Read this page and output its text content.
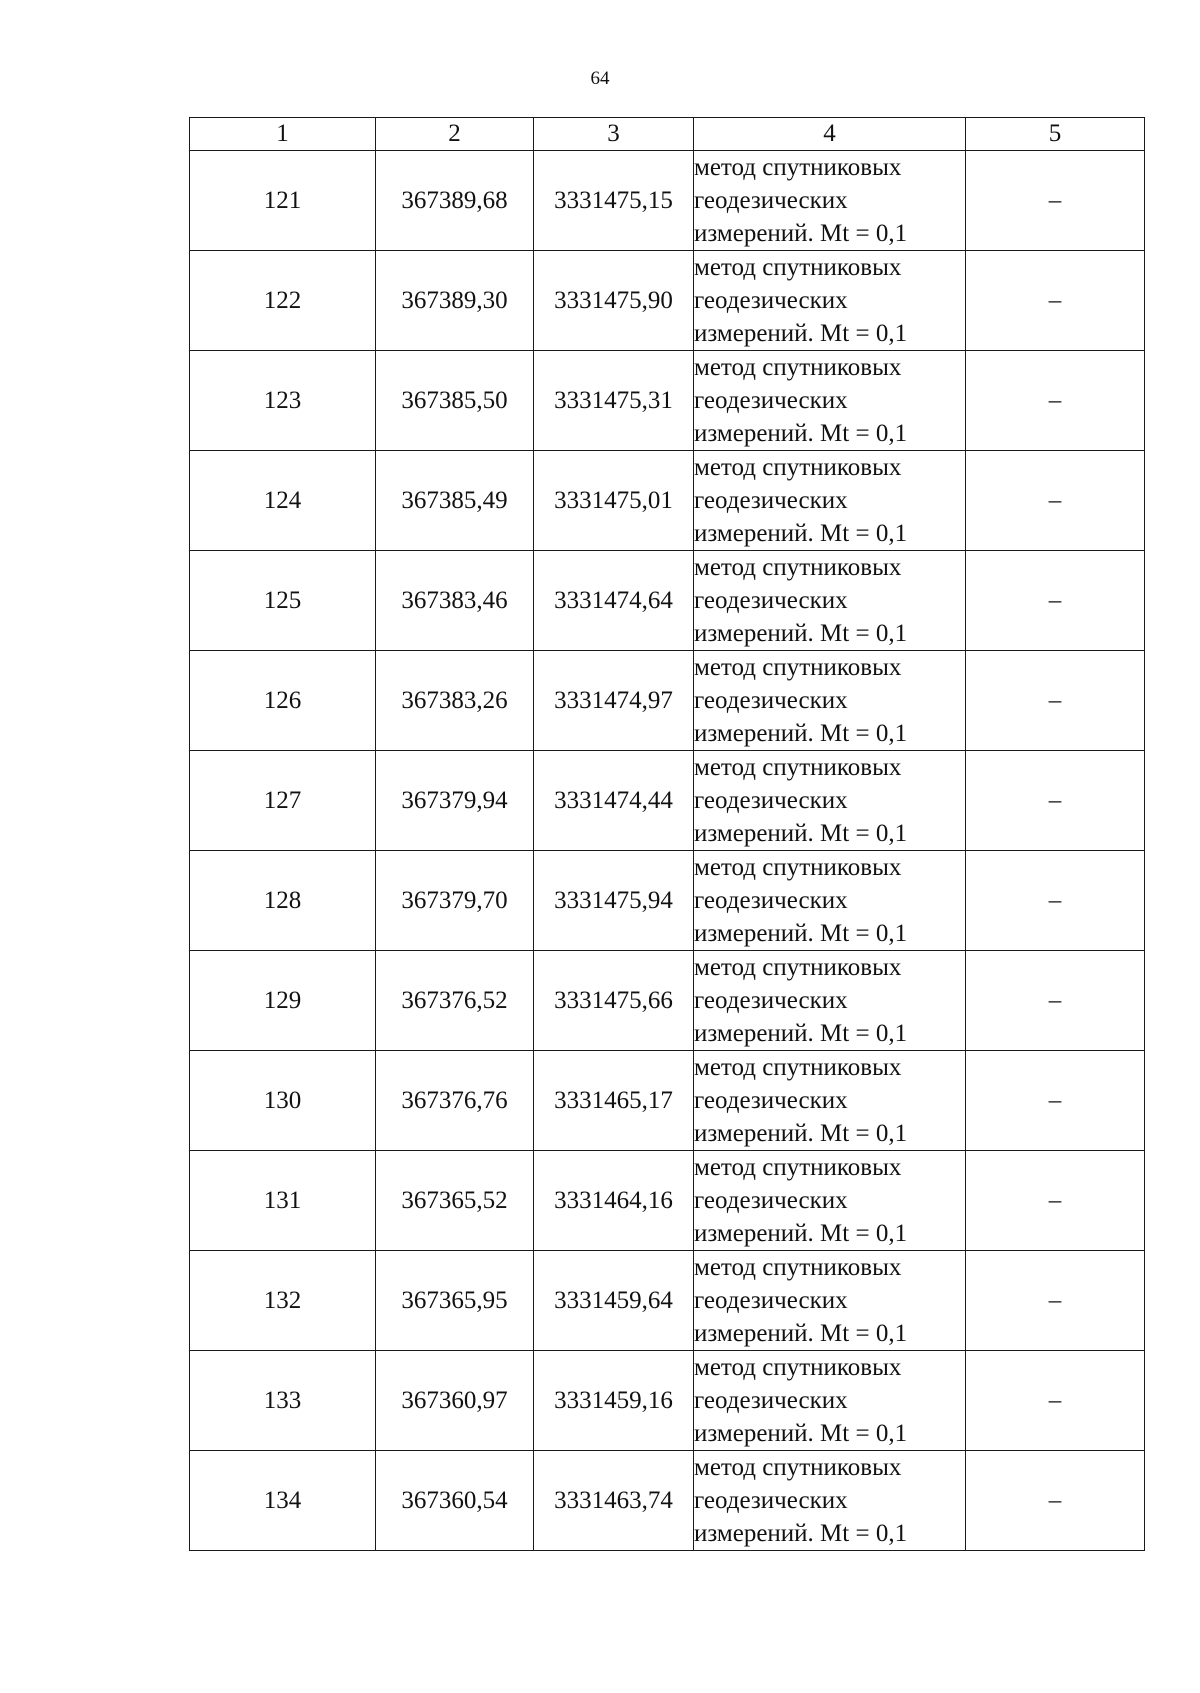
64
1	2	3	4	5
121	367389,68	3331475,15	метод спутниковых
геодезических
измерений. Mt = 0,1	–
122	367389,30	3331475,90	метод спутниковых
геодезических
измерений. Mt = 0,1	–
123	367385,50	3331475,31	метод спутниковых
геодезических
измерений. Mt = 0,1	–
124	367385,49	3331475,01	метод спутниковых
геодезических
измерений. Mt = 0,1	–
125	367383,46	3331474,64	метод спутниковых
геодезических
измерений. Mt = 0,1	–
126	367383,26	3331474,97	метод спутниковых
геодезических
измерений. Mt = 0,1	–
127	367379,94	3331474,44	метод спутниковых
геодезических
измерений. Mt = 0,1	–
128	367379,70	3331475,94	метод спутниковых
геодезических
измерений. Mt = 0,1	–
129	367376,52	3331475,66	метод спутниковых
геодезических
измерений. Mt = 0,1	–
130	367376,76	3331465,17	метод спутниковых
геодезических
измерений. Mt = 0,1	–
131	367365,52	3331464,16	метод спутниковых
геодезических
измерений. Mt = 0,1	–
132	367365,95	3331459,64	метод спутниковых
геодезических
измерений. Mt = 0,1	–
133	367360,97	3331459,16	метод спутниковых
геодезических
измерений. Mt = 0,1	–
134	367360,54	3331463,74	метод спутниковых
геодезических
измерений. Mt = 0,1	–
